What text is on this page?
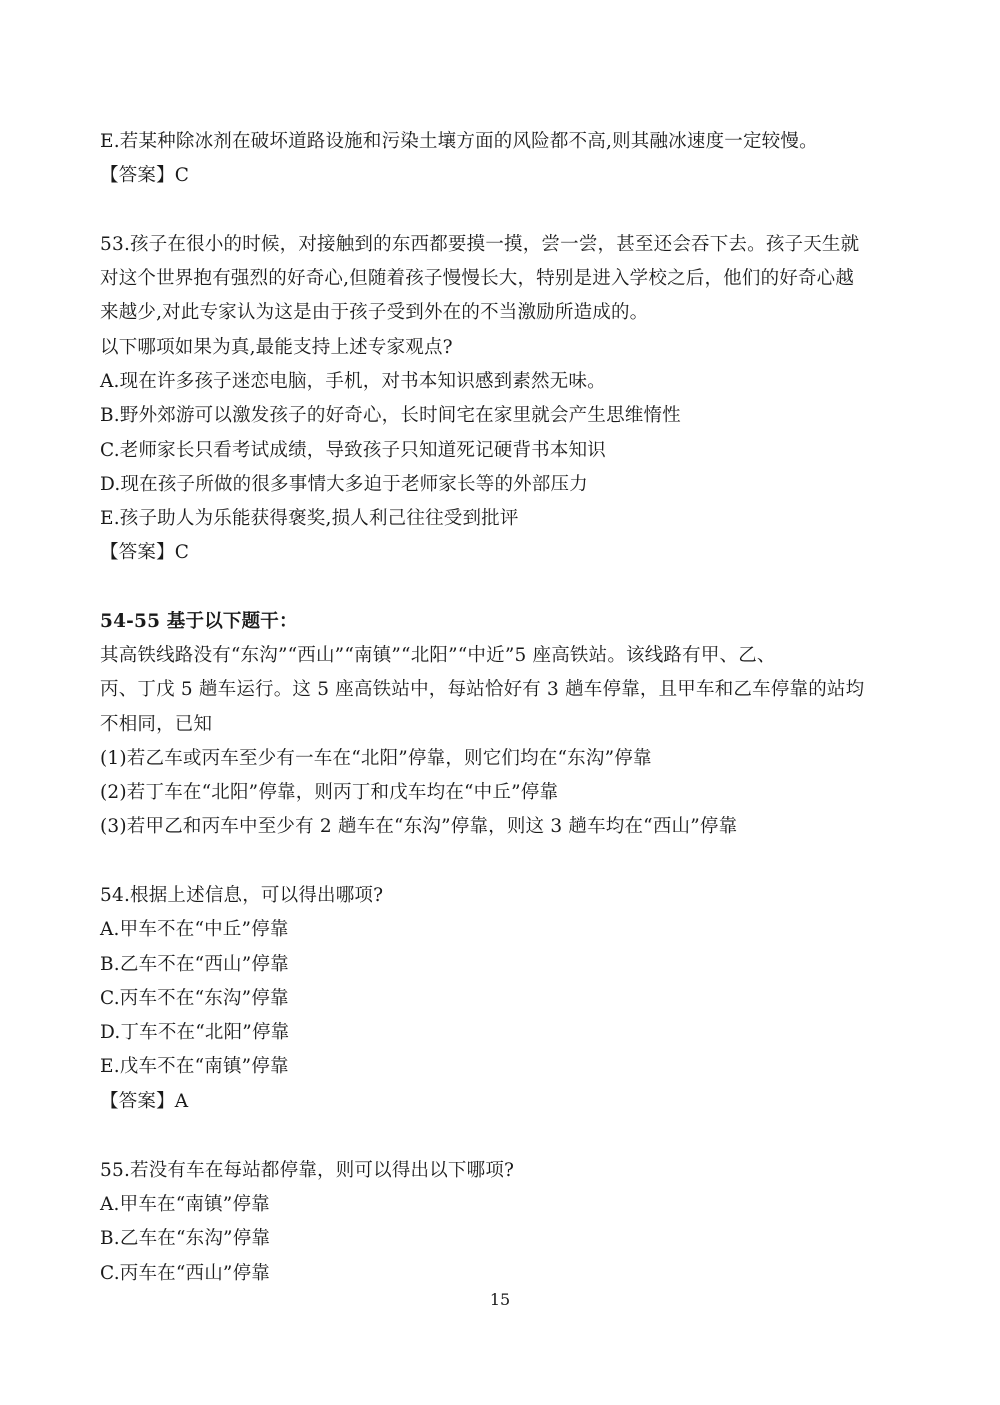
E.若某种除冰剂在破坏道路设施和污染土壤方面的风险都不高,则其融冰速度一定较慢。
【答案】C
53.孩子在很小的时候，对接触到的东西都要摸一摸，尝一尝，甚至还会吞下去。孩子天生就
对这个世界抱有强烈的好奇心,但随着孩子慢慢长大，特别是进入学校之后，他们的好奇心越
来越少,对此专家认为这是由于孩子受到外在的不当激励所造成的。
以下哪项如果为真,最能支持上述专家观点?
A.现在许多孩子迷恋电脑，手机，对书本知识感到素然无味。
B.野外郊游可以激发孩子的好奇心，长时间宅在家里就会产生思维惰性
C.老师家长只看考试成绩，导致孩子只知道死记硬背书本知识
D.现在孩子所做的很多事情大多迫于老师家长等的外部压力
E.孩子助人为乐能获得褒奖,损人利己往往受到批评
【答案】C
54-55 基于以下题干：
其高铁线路没有“东沟”“西山”“南镇”“北阳”“中近”5 座高铁站。该线路有甲、乙、
丙、丁戊 5 趟车运行。这 5 座高铁站中，每站恰好有 3 趟车停靠，且甲车和乙车停靠的站均
不相同，已知
(1)若乙车或丙车至少有一车在“北阳”停靠，则它们均在“东沟”停靠
(2)若丁车在“北阳”停靠，则丙丁和戊车均在“中丘”停靠
(3)若甲乙和丙车中至少有 2 趟车在“东沟”停靠，则这 3 趟车均在“西山”停靠
54.根据上述信息，可以得出哪项?
A.甲车不在“中丘”停靠
B.乙车不在“西山”停靠
C.丙车不在“东沟”停靠
D.丁车不在“北阳”停靠
E.戊车不在“南镇”停靠
【答案】A
55.若没有车在每站都停靠，则可以得出以下哪项?
A.甲车在“南镇”停靠
B.乙车在“东沟”停靠
C.丙车在“西山”停靠
15
